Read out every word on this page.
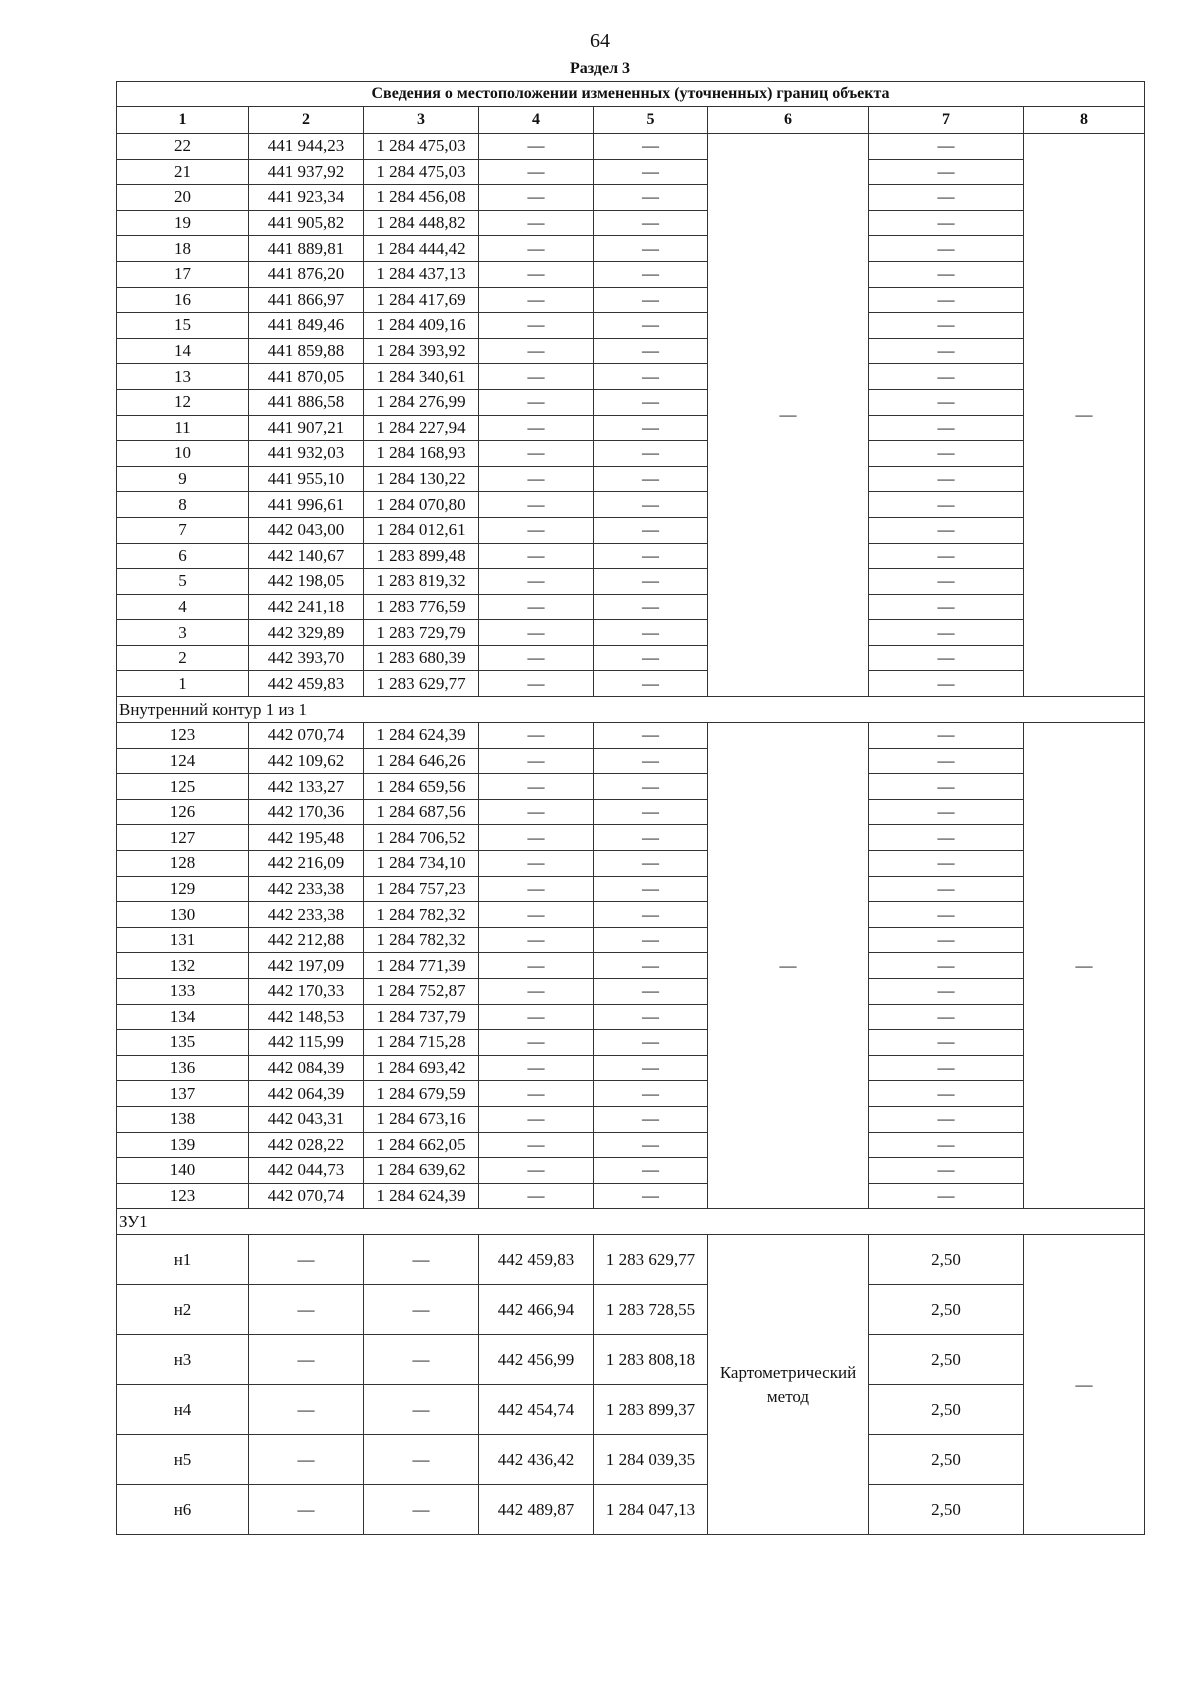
64
Раздел 3
Сведения о местоположении измененных (уточненных) границ объекта							
1	2	3	4	5	6	7	8
22	441 944,23	1 284 475,03	—	—	—	—	—
21	441 937,92	1 284 475,03	—	—		—	
20	441 923,34	1 284 456,08	—	—		—	
19	441 905,82	1 284 448,82	—	—		—	
18	441 889,81	1 284 444,42	—	—		—	
17	441 876,20	1 284 437,13	—	—		—	
16	441 866,97	1 284 417,69	—	—		—	
15	441 849,46	1 284 409,16	—	—		—	
14	441 859,88	1 284 393,92	—	—		—	
13	441 870,05	1 284 340,61	—	—		—	
12	441 886,58	1 284 276,99	—	—		—	
11	441 907,21	1 284 227,94	—	—		—	
10	441 932,03	1 284 168,93	—	—		—	
9	441 955,10	1 284 130,22	—	—		—	
8	441 996,61	1 284 070,80	—	—		—	
7	442 043,00	1 284 012,61	—	—		—	
6	442 140,67	1 283 899,48	—	—		—	
5	442 198,05	1 283 819,32	—	—		—	
4	442 241,18	1 283 776,59	—	—		—	
3	442 329,89	1 283 729,79	—	—		—	
2	442 393,70	1 283 680,39	—	—		—	
1	442 459,83	1 283 629,77	—	—		—	
Внутренний контур 1 из 1							
123	442 070,74	1 284 624,39	—	—	—	—	—
124	442 109,62	1 284 646,26	—	—		—	
125	442 133,27	1 284 659,56	—	—		—	
126	442 170,36	1 284 687,56	—	—		—	
127	442 195,48	1 284 706,52	—	—		—	
128	442 216,09	1 284 734,10	—	—		—	
129	442 233,38	1 284 757,23	—	—		—	
130	442 233,38	1 284 782,32	—	—		—	
131	442 212,88	1 284 782,32	—	—		—	
132	442 197,09	1 284 771,39	—	—		—	
133	442 170,33	1 284 752,87	—	—		—	
134	442 148,53	1 284 737,79	—	—		—	
135	442 115,99	1 284 715,28	—	—		—	
136	442 084,39	1 284 693,42	—	—		—	
137	442 064,39	1 284 679,59	—	—		—	
138	442 043,31	1 284 673,16	—	—		—	
139	442 028,22	1 284 662,05	—	—		—	
140	442 044,73	1 284 639,62	—	—		—	
123	442 070,74	1 284 624,39	—	—		—	
ЗУ1							
н1	—	—	442 459,83	1 283 629,77	Картометрический метод	2,50	—
н2	—	—	442 466,94	1 283 728,55		2,50	
н3	—	—	442 456,99	1 283 808,18		2,50	
н4	—	—	442 454,74	1 283 899,37		2,50	
н5	—	—	442 436,42	1 284 039,35		2,50	
н6	—	—	442 489,87	1 284 047,13		2,50	
